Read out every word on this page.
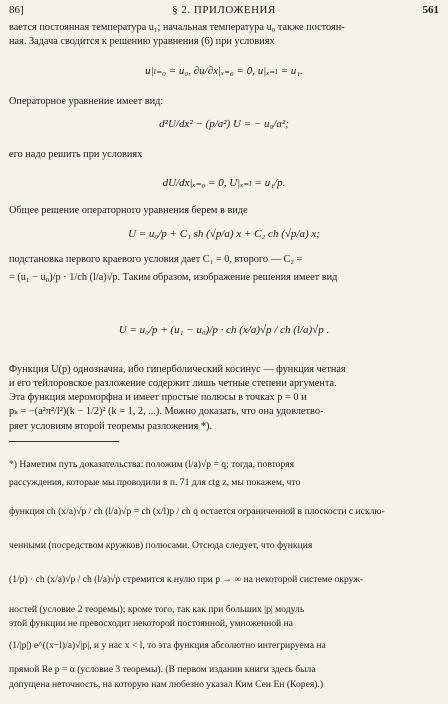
86]	§ 2. ПРИЛОЖЕНИЯ	561
вается постоянная температура u₁; начальная температура u₀ также постоян-
ная. Задача сводится к решению уравнения (6) при условиях
u|ₗ₌₀ = u₀, ∂u/∂x|ₓ₌₀ = 0, u|ₓ₌ₗ = u₁.
Операторное уравнение имеет вид:
d²U/dx² − (p/a²) U = − u₀/a²;
его надо решить при условиях
dU/dx|ₓ₌₀ = 0, U|ₓ₌ₗ = u₁/p.
Общее решение операторного уравнения берем в виде
U = u₀/p + C₁ sh (√p/a) x + C₂ ch (√p/a) x;
подстановка первого краевого условия дает C₁ = 0, второго — C₂ =
= (u₁ − u₀)/p · 1/ch (l/a)√p. Таким образом, изображение решения имеет вид
U = u₀/p + (u₁ − u₀)/p · ch (x/a)√p / ch (l/a)√p .
Функция U(p) однозначна, ибо гиперболический косинус — функция четная
и его тейлоровское разложение содержит лишь четные степени аргумента.
Эта функция мероморфна и имеет простые полюсы в точках p = 0 и
pₖ = −(a²π²/l²)(k − 1/2)² (k = 1, 2, ...). Можно доказать, что она удовлетво-
ряет условиям второй теоремы разложения *).
*) Наметим путь доказательства: положим (l/a)√p = q; тогда, повторяя
рассуждения, которые мы проводили в п. 71 для ctg z, мы покажем, что
функция ch (x/a)√p / ch (l/a)√p = ch (x/l)p / ch q остается ограниченной в плоскости с исклю-
ченными (посредством кружков) полюсами. Отсюда следует, что функция
(1/p) · ch (x/a)√p / ch (l/a)√p стремится к нулю при p → ∞ на некоторой системе окруж-
ностей (условие 2 теоремы); кроме того, так как при больших |p| модуль
этой функции не превосходит некоторой постоянной, умноженной на
(1/|p|) e^((x−l)/a)√|p|, и у нас x < l, то эта функция абсолютно интегрируема на
прямой Re p = α (условие 3 теоремы). (В первом издании книги здесь была
допущена неточность, на которую нам любезно указал Ким Сен Ен (Корея).)
